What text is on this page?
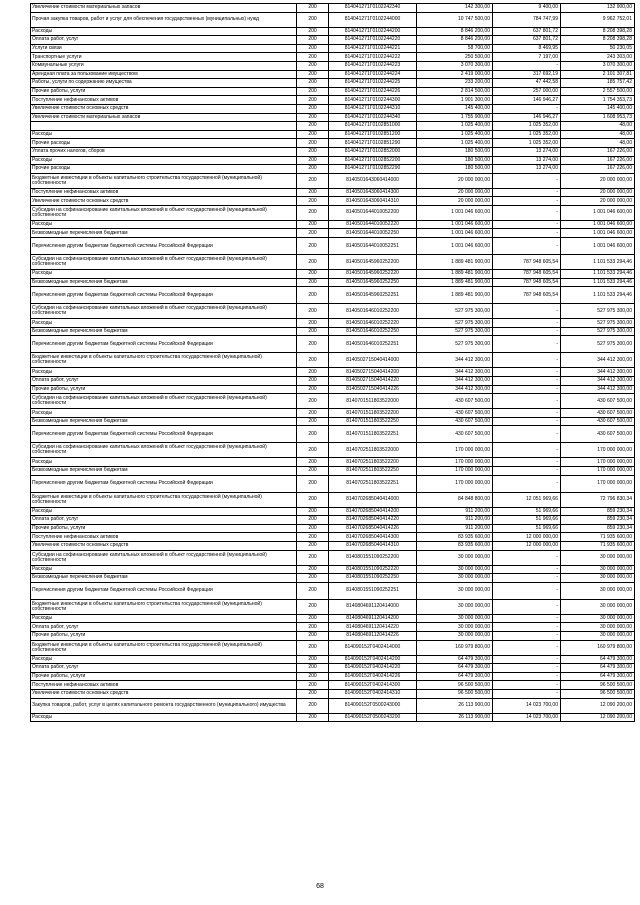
Увеличение стоимости материальных запасов	200	814041271Г0102242340	142 300,00	9 400,00	132 900,00
Прочая закупка товаров, работ и услуг для обеспечения государственных (муниципальных) нужд	200	814041271Г0102244000	10 747 500,00	784 747,99	9 962 752,01
Расходы	200	814041271Г0102244200	8 846 200,00	637 801,72	8 208 398,28
Оплата работ, услуг	200	814041271Г0102244220	8 846 200,00	637 801,72	8 208 398,28
Услуги связи	200	814041271Г0102244221	58 700,00	8 469,95	50 230,05
Транспортные услуги	200	814041271Г0102244222	250 500,00	7 197,00	243 303,00
Коммунальные услуги	200	814041271Г0102244223	3 070 300,00	-	3 070 300,00
Арендная плата за пользование имуществом	200	814041271Г0102244224	2 419 000,00	317 692,19	2 101 307,81
Работы, услуги по содержанию имущества	200	814041271Г0102244225	233 200,00	47 442,58	185 757,42
Прочие работы, услуги	200	814041271Г0102244226	2 814 500,00	257 000,00	2 557 500,00
Поступление нефинансовых активов	200	814041271Г0102244300	1 901 300,00	146 946,27	1 754 353,73
Увеличение стоимости основных средств	200	814041271Г0102244310	145 400,00	-	145 400,00
Увеличение стоимости материальных запасов	200	814041271Г0102244340	1 755 900,00	146 946,27	1 608 953,73
	200	814041271Г0102851000	1 025 400,00	1 025 352,00	48,00
Расходы	200	814041271Г0102851200	1 025 400,00	1 025 352,00	48,00
Прочие расходы	200	814041271Г0102851290	1 025 400,00	1 025 352,00	48,00
Уплата прочих налогов, сборов	200	814041271Г0102852000	180 500,00	13 274,00	167 226,00
Расходы	200	814041271Г0102852200	180 500,00	13 274,00	167 226,00
Прочие расходы	200	814041271Г0102852290	180 500,00	13 274,00	167 226,00
Бюджетные инвестиции в объекты капитального строительства государственной (муниципальной) собственности	200	8140501643060414000	20 000 000,00	-	20 000 000,00
Поступление нефинансовых активов	200	8140501643060414300	20 000 000,00	-	20 000 000,00
Увеличение стоимости основных средств	200	8140501643060414310	20 000 000,00	-	20 000 000,00
Субсидии на софинансирование капитальных вложений в объект государственной (муниципальной) собственности	200	8140501644010052200	1 001 046 600,00	-	1 001 046 600,00
Расходы	200	8140501644010052220	1 001 046 600,00	-	1 001 046 600,00
Безвозмездные перечисления бюджетам	200	8140501644010052250	1 001 046 600,00	-	1 001 046 600,00
Перечисления другим бюджетам бюджетной системы Российской Федерации	200	8140501644010052251	1 001 046 600,00	-	1 001 046 600,00
Субсидии на софинансирование капитальных вложений в объект государственной (муниципальной) собственности	200	8140501645960252200	1 889 481 900,00	787 948 605,54	1 101 533 294,46
Расходы	200	8140501645960252220	1 889 481 900,00	787 948 605,54	1 101 533 294,46
Безвозмездные перечисления бюджетам	200	8140501645960252250	1 889 481 900,00	787 948 605,54	1 101 533 294,46
Перечисления другим бюджетам бюджетной системы Российской Федерации	200	8140501645960252251	1 889 481 900,00	787 948 605,54	1 101 533 294,46
Субсидии на софинансирование капитальных вложений в объект государственной (муниципальной) собственности	200	8140501646010252200	527 975 300,00	-	527 975 300,00
Расходы	200	8140501646010252220	527 975 300,00	-	527 975 300,00
Безвозмездные перечисления бюджетам	200	8140501646010252250	527 975 300,00	-	527 975 300,00
Перечисления другим бюджетам бюджетной системы Российской Федерации	200	8140501646010252251	527 975 300,00	-	527 975 300,00
Бюджетные инвестиции в объекты капитального строительства государственной (муниципальной) собственности	200	8140502715040414000	344 412 300,00	-	344 412 300,00
Расходы	200	8140502715040414200	344 412 300,00	-	344 412 300,00
Оплата работ, услуг	200	8140502715040414220	344 412 300,00	-	344 412 300,00
Прочие работы, услуги	200	8140502715040414226	344 412 300,00	-	344 412 300,00
Субсидии на софинансирование капитальных вложений в объект государственной (муниципальной) собственности	200	8140701511803522000	430 607 500,00	-	430 607 500,00
Расходы	200	8140701511803522200	430 607 500,00	-	430 607 500,00
Безвозмездные перечисления бюджетам	200	8140701511803522250	430 607 500,00	-	430 607 500,00
Перечисления другим бюджетам бюджетной системы Российской Федерации	200	8140701511803522251	430 607 500,00	-	430 607 500,00
Субсидии на софинансирование капитальных вложений в объект государственной (муниципальной) собственности	200	8140702511803522000	170 000 000,00	-	170 000 000,00
Расходы	200	8140702511803522200	170 000 000,00	-	170 000 000,00
Безвозмездные перечисления бюджетам	200	8140702511803522250	170 000 000,00	-	170 000 000,00
Перечисления другим бюджетам бюджетной системы Российской Федерации	200	8140702511803522251	170 000 000,00	-	170 000 000,00
Бюджетные инвестиции в объекты капитального строительства государственной (муниципальной) собственности	200	8140702685040414000	84 848 800,00	12 051 969,66	72 796 830,34
Расходы	200	8140702685040414200	911 200,00	51 969,66	859 230,34
Оплата работ, услуг	200	8140702685040414220	911 200,00	51 969,66	859 230,34
Прочие работы, услуги	200	8140702685040414226	911 200,00	51 969,66	859 230,34
Поступление нефинансовых активов	200	8140702685040414300	83 935 600,00	12 000 000,00	71 935 600,00
Увеличение стоимости основных средств	200	8140702685040414310	83 935 600,00	12 000 000,00	71 935 600,00
Субсидии на софинансирование капитальных вложений в объект государственной (муниципальной) собственности	200	8140801551090252200	30 000 000,00	-	30 000 000,00
Расходы	200	8140801551090252220	30 000 000,00	-	30 000 000,00
Безвозмездные перечисления бюджетам	200	8140801551090252250	30 000 000,00	-	30 000 000,00
Перечисления другим бюджетам бюджетной системы Российской Федерации	200	8140801551090252251	30 000 000,00	-	30 000 000,00
Бюджетные инвестиции в объекты капитального строительства государственной (муниципальной) собственности	200	8140804691120414000	30 000 000,00	-	30 000 000,00
Расходы	200	8140804691120414200	30 000 000,00	-	30 000 000,00
Оплата работ, услуг	200	8140804691120414220	30 000 000,00	-	30 000 000,00
Прочие работы, услуги	200	8140804691120414226	30 000 000,00	-	30 000 000,00
Бюджетные инвестиции в объекты капитального строительства государственной (муниципальной) собственности	200	814090152Г0402414000	160 979 800,00	-	160 979 800,00
Расходы	200	814090152Г0402414200	64 479 300,00	-	64 479 300,00
Оплата работ, услуг	200	814090152Г0402414220	64 479 300,00	-	64 479 300,00
Прочие работы, услуги	200	814090152Г0402414226	64 479 300,00	-	64 479 300,00
Поступление нефинансовых активов	200	814090152Г0402414300	96 500 500,00	-	96 500 500,00
Увеличение стоимости основных средств	200	814090152Г0402414310	96 500 500,00	-	96 500 500,00
Закупка товаров, работ, услуг в целях капитального ремонта государственного (муниципального) имущества	200	814090152Г0500243000	26 113 900,00	14 023 700,00	12 090 200,00
Расходы	200	814090152Г0500243200	26 113 900,00	14 023 700,00	12 090 200,00
68
